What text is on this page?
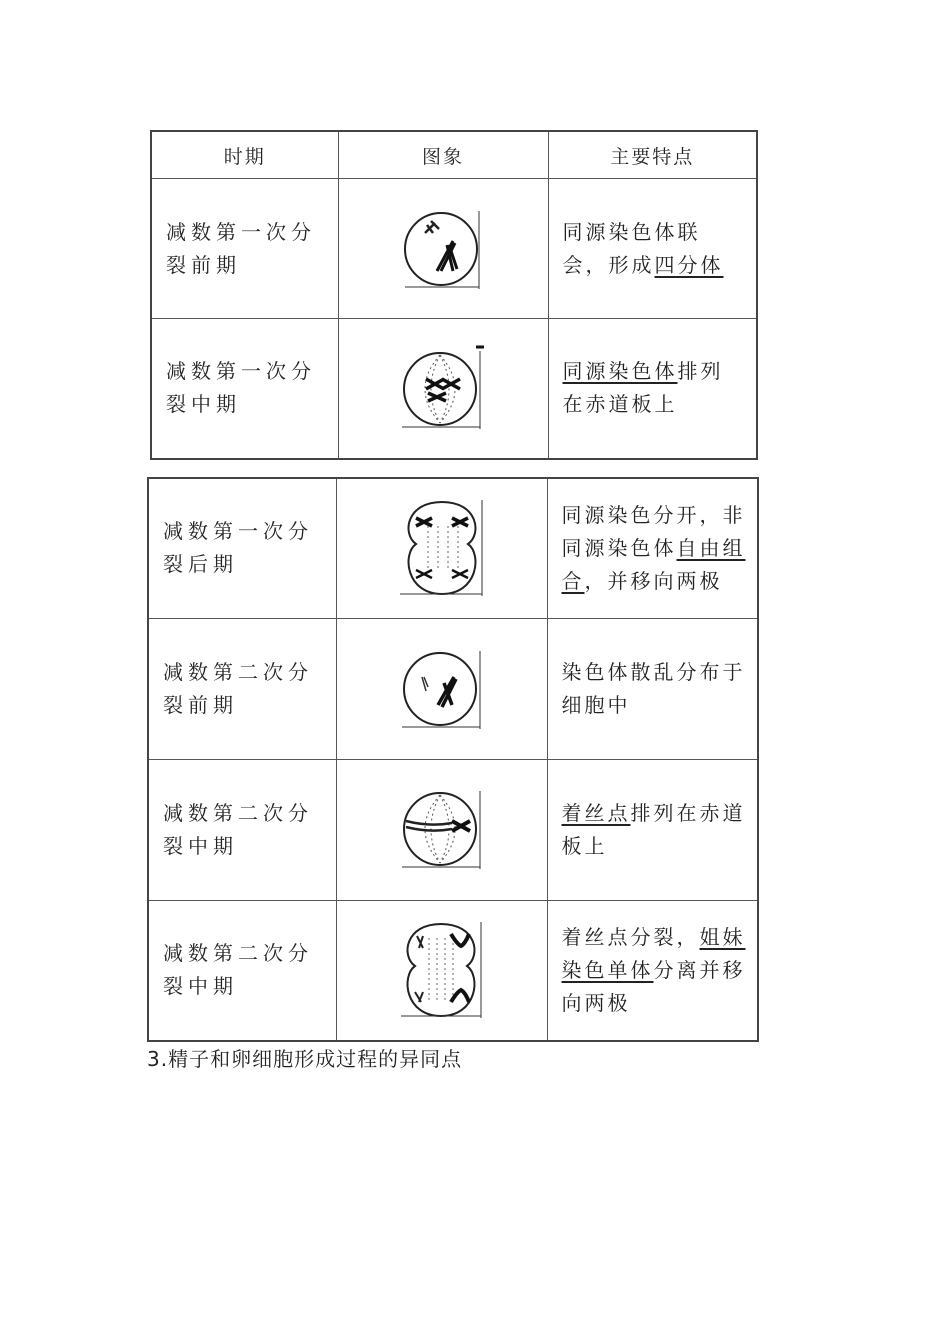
时期	图象	主要特点
减数第一次分裂前期		同源染色体联会，形成四分体
减数第一次分裂中期		同源染色体排列在赤道板上
减数第一次分裂后期		同源染色分开，非同源染色体自由组合，并移向两极
减数第二次分裂前期		染色体散乱分布于细胞中
减数第二次分裂中期		着丝点排列在赤道板上
减数第二次分裂中期		着丝点分裂，姐妹染色单体分离并移向两极
3.精子和卵细胞形成过程的异同点
